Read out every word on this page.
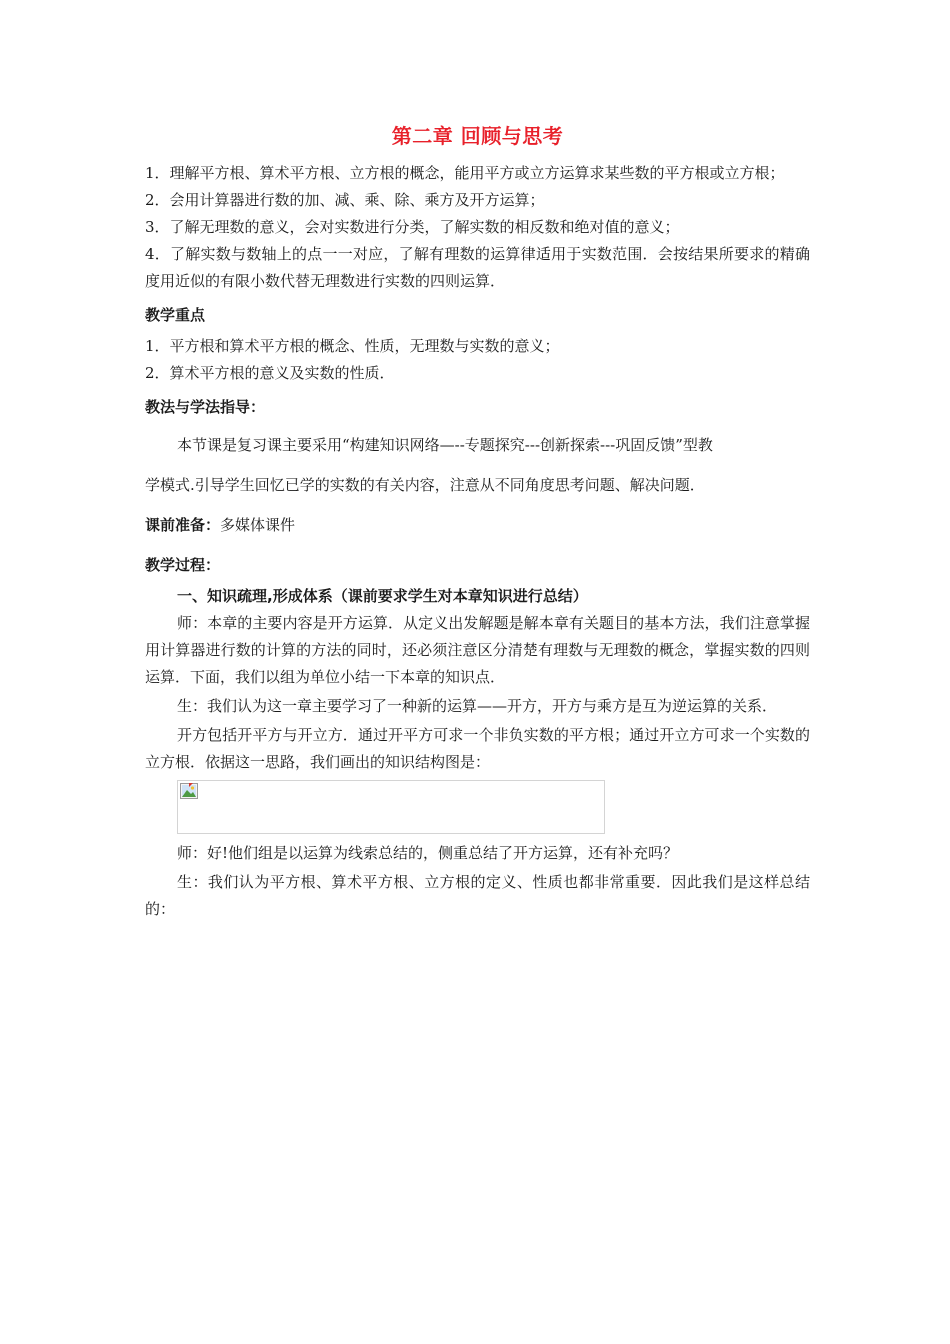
第二章 回顾与思考

1．理解平方根、算术平方根、立方根的概念，能用平方或立方运算求某些数的平方根或立方根；

2．会用计算器进行数的加、减、乘、除、乘方及开方运算；

3．了解无理数的意义，会对实数进行分类，了解实数的相反数和绝对值的意义；

4．了解实数与数轴上的点一一对应，了解有理数的运算律适用于实数范围．会按结果所要求的精确度用近似的有限小数代替无理数进行实数的四则运算．

教学重点

1．平方根和算术平方根的概念、性质，无理数与实数的意义；

2．算术平方根的意义及实数的性质．

教法与学法指导：

本节课是复习课主要采用“构建知识网络—--专题探究---创新探索---巩固反馈”型教

学模式.引导学生回忆已学的实数的有关内容，注意从不同角度思考问题、解决问题．

课前准备：多媒体课件

教学过程：

一、知识疏理,形成体系（课前要求学生对本章知识进行总结）

师：本章的主要内容是开方运算．从定义出发解题是解本章有关题目的基本方法，我们注意掌握用计算器进行数的计算的方法的同时，还必须注意区分清楚有理数与无理数的概念，掌握实数的四则运算．下面，我们以组为单位小结一下本章的知识点．

生：我们认为这一章主要学习了一种新的运算——开方，开方与乘方是互为逆运算的关系．

开方包括开平方与开立方．通过开平方可求一个非负实数的平方根；通过开立方可求一个实数的立方根．依据这一思路，我们画出的知识结构图是：

师：好!他们组是以运算为线索总结的，侧重总结了开方运算，还有补充吗？

生：我们认为平方根、算术平方根、立方根的定义、性质也都非常重要．因此我们是这样总结的：
